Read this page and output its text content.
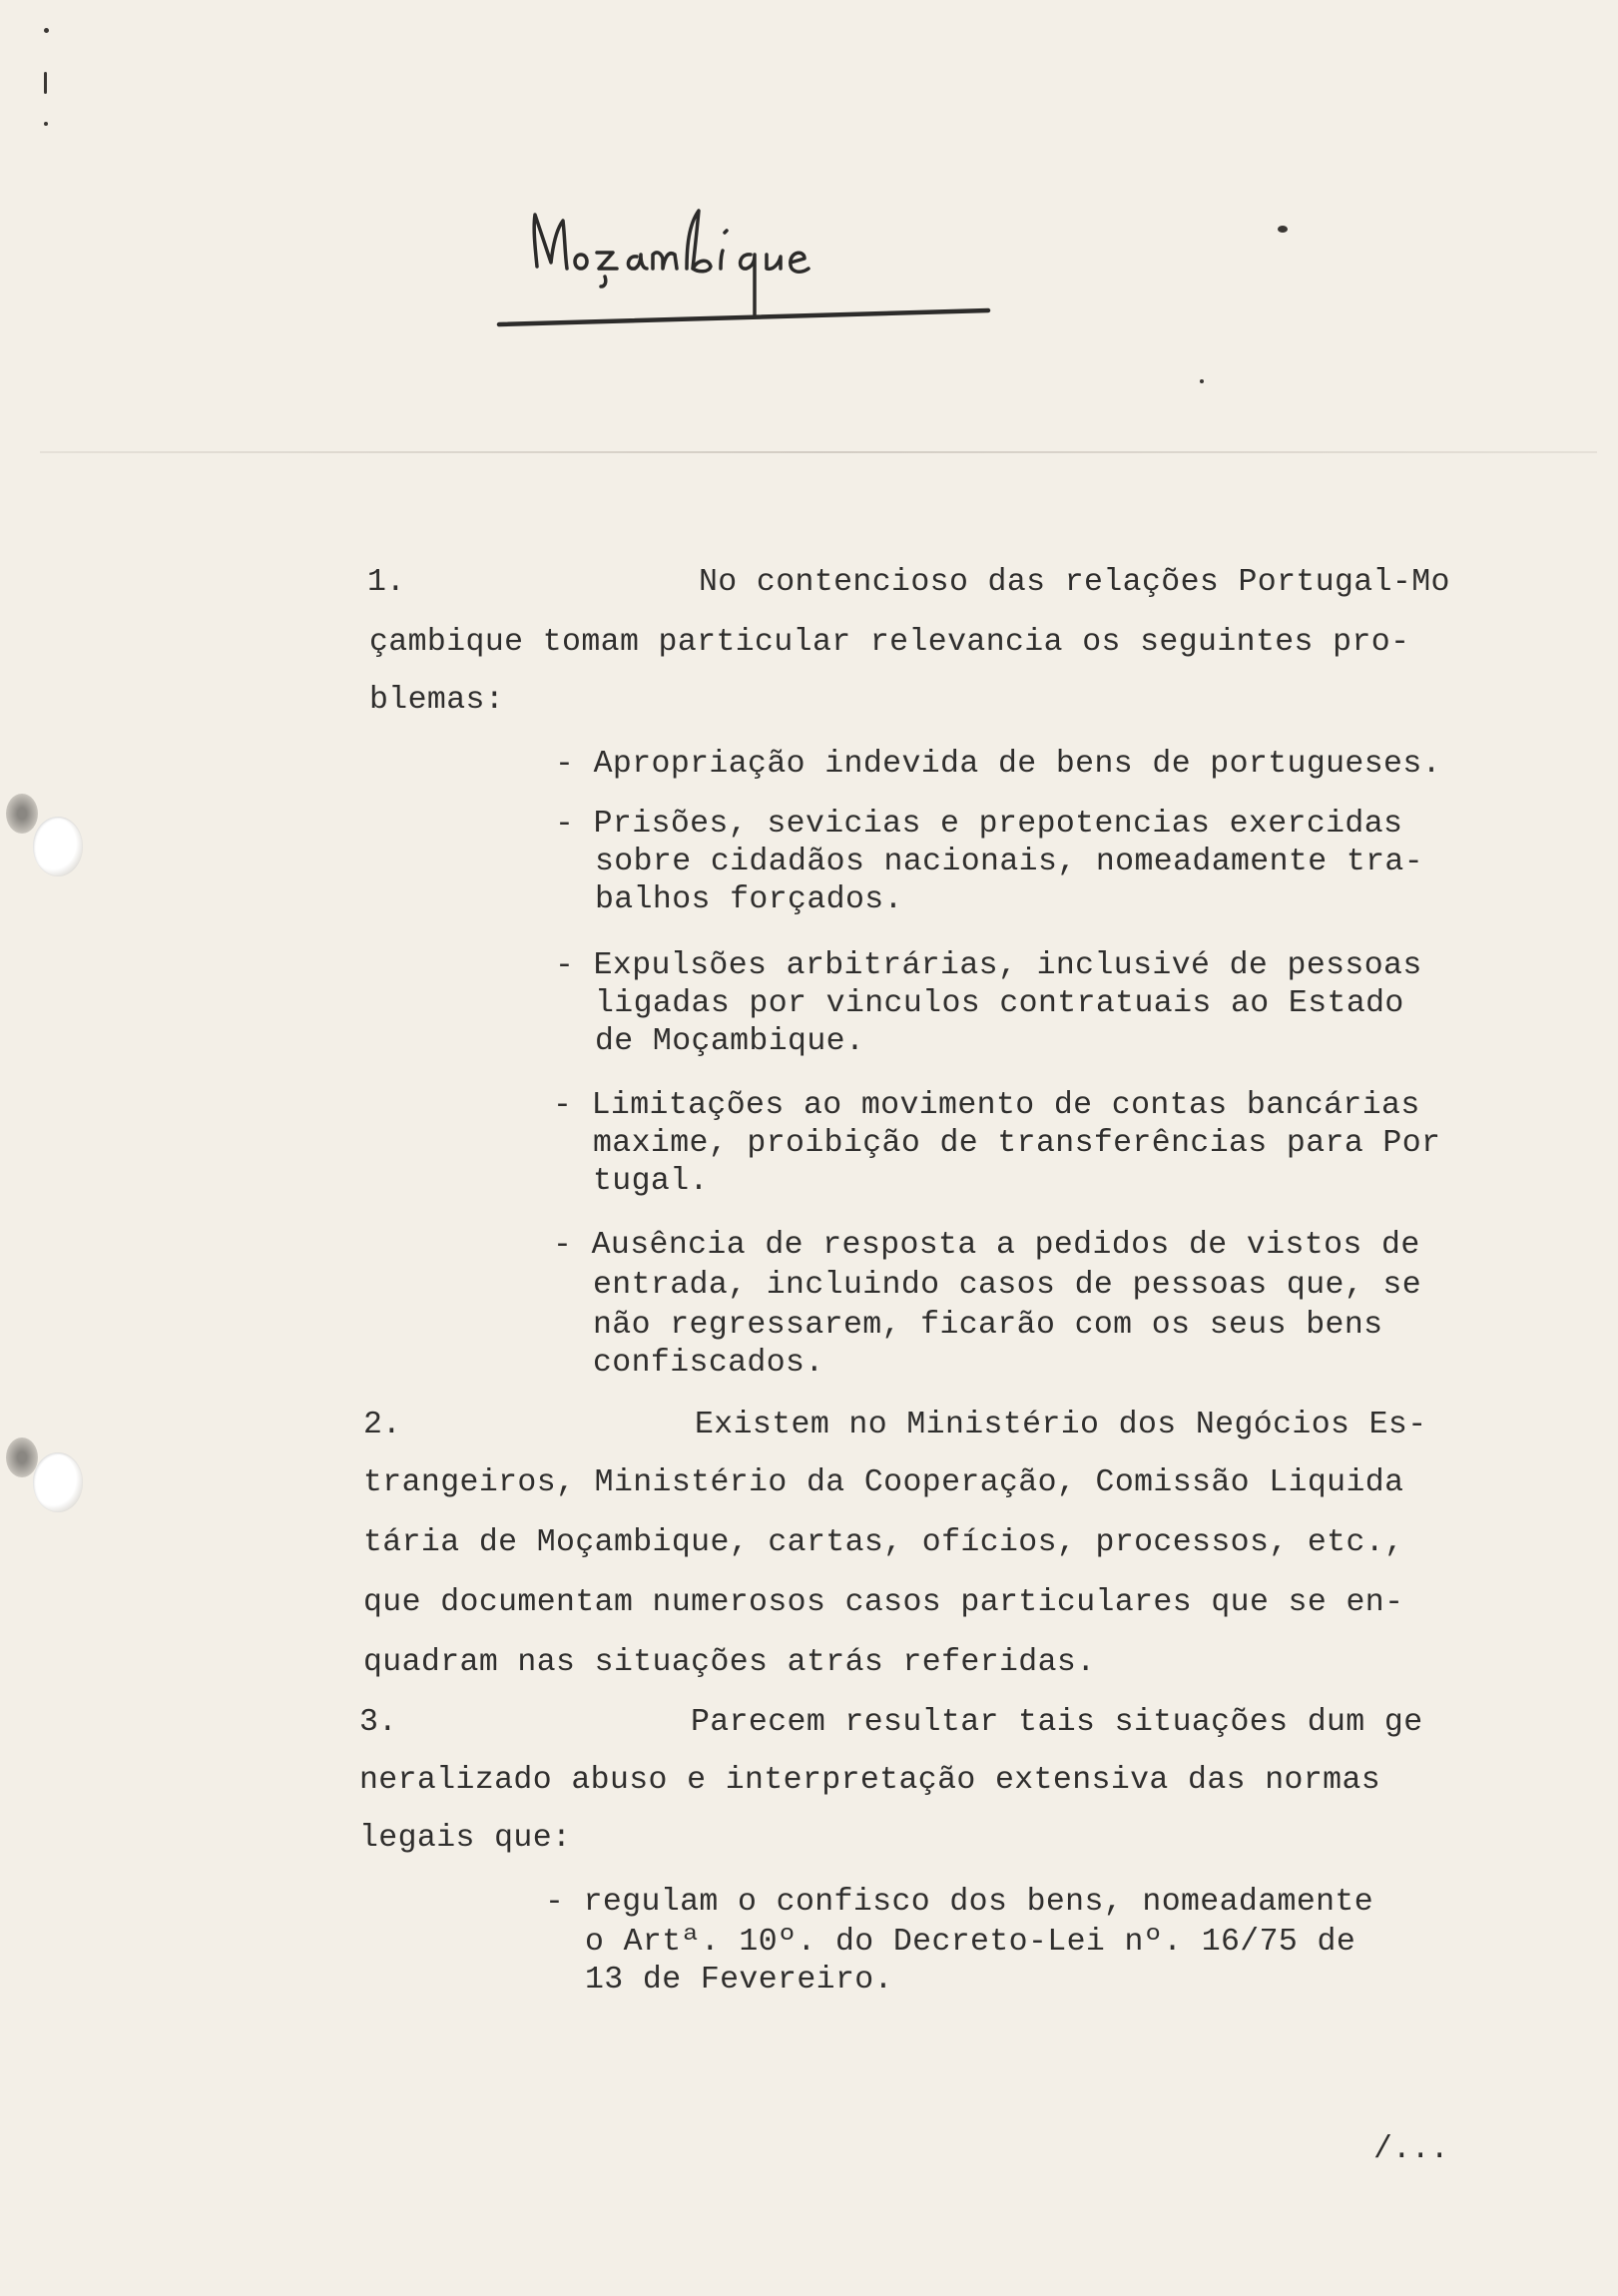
1.	No contencioso das relações Portugal-Mo
çambique tomam particular relevancia os seguintes pro-
blemas:
- Apropriação indevida de bens de portugueses.
- Prisões, sevicias e prepotencias exercidas
sobre cidadãos nacionais, nomeadamente tra-
balhos forçados.
- Expulsões arbitrárias, inclusivé de pessoas
ligadas por vinculos contratuais ao Estado
de Moçambique.
- Limitações ao movimento de contas bancárias
maxime, proibição de transferências para Por
tugal.
- Ausência de resposta a pedidos de vistos de
entrada, incluindo casos de pessoas que, se
não regressarem, ficarão com os seus bens
confiscados.
2.	Existem no Ministério dos Negócios Es-
trangeiros, Ministério da Cooperação, Comissão Liquida
tária de Moçambique, cartas, ofícios, processos, etc.,
que documentam numerosos casos particulares que se en-
quadram nas situações atrás referidas.
3.	Parecem resultar tais situações dum ge
neralizado abuso e interpretação extensiva das normas
legais que:
- regulam o confisco dos bens, nomeadamente
o Artª. 10º. do Decreto-Lei nº. 16/75 de
13 de Fevereiro.
/...
